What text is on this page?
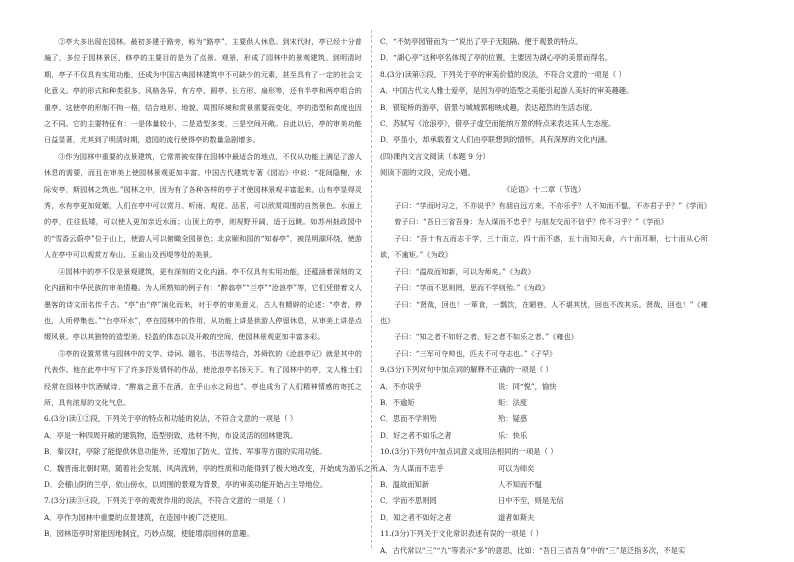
②亭大多出现在园林。最初多建于路旁，称为“路亭”，主要供人休息。到宋代时，亭已经十分普遍了，多位于园林景区，修亭的主要目的是为了点景、观景，形成了园林中的景观建筑。到明清时期，亭子不仅具有实用功能，还成为中国古典园林建筑中不可缺少的元素，甚至具有了一定的社会文化意义。亭的形式和种类很多，风格各异，有方亭、圆亭、长方形、扇形等，还有半亭和两亭组合的重亭。这使亭的形制不拘一格，结合地形、地貌、周围环境和赏景需要而变化，亭的造型和高度也因之不同。它的主要特征有：一是体量较小，二是造型多变，三是空间开敞。自此以后，亭的审美功能日益显著，尤其到了明清时期，造园的流行使得亭的数量急剧增多。

③作为园林中重要的点景建筑，它常常被安排在园林中最适合的地点，不仅从功能上满足了游人休息的需要，而且在审美上使园林景观更加丰富。中国古代建筑专著《园冶》中说：“花间隐榭，水际安亭，斯园林之筑也。”园林之中，因为有了各种各样的亭子才使园林景观丰富起来。山有亭显得灵秀，水有亭更加妩媚，人们在亭中可以赏月、听雨、观花、品茗，可以欣赏周围的自然景色。水面上的亭，往往低矮，可以使人更加亲近水面；山顶上的亭，则视野开阔，适于远眺。如苏州拙政园中的“雪香云蔚亭”位于山上，使游人可以俯瞰全园景色；北京颐和园的“知春亭”，被昆明湖环绕，使游人在亭中可以观赏万寿山、玉泉山及西堤等处的美景。

④园林中的亭不仅是景观建筑，更有深刻的文化内涵。亭不仅具有实用功能，还蕴涵着深刻的文化内涵和中华民族的审美情趣。为人所熟知的例子有：“醉翁亭”“兰亭”“沧浪亭”等，它们凭借着文人墨客的诗文而名传千古。“亭”由“停”演化而来，对于亭的审美意义，古人有精辟的论述：“亭者，停也，人所停集也。”“台亭环水”，亭在园林中的作用，从功能上讲是供游人停留休息，从审美上讲是点缀风景。亭以其独特的造型美、轻盈的体态以及开敞的空间，使园林景观更加丰富多彩。

⑤亭的设置常常与园林中的文学、诗词、题名、书法等结合，苏舜钦的《沧浪亭记》就是其中的代表作。他在此亭中写下了许多抒发情怀的作品，使沧浪亭名扬天下。有了园林中的亭，文人雅士们经常在园林中饮酒赋诗，“醉翁之意不在酒，在乎山水之间也”。亭也成为了人们精神情感的寄托之所，具有浓厚的文化气息。

6.(3分)读①②段，下列关于亭的特点和功能的说法，不符合文意的一项是（ ）

A．亭是一种四周开敞的建筑物，造型别致，选材不拘，布设灵活的园林建筑。

B．秦汉时，亭除了能提供休息功能外，还增加了防火、宣传、军事等方面的实用功能。

C．魏晋南北朝时期，随着社会发展，风尚流转，亭的性质和功能得到了极大地改变，开始成为游乐之所。

D．会稽山阴的兰亭，依山傍水，以周围的景观为背景，亭的审美功能开始占主导地位。

7.(3分)读③④段，下列关于亭的观赏作用的说法，不符合文意的一项是（ ）

A．亭作为园林中重要的点景建筑，在造园中被广泛使用。

B．园林造亭时常能因地制宜，巧妙点缀，使能增添园林的意趣。

C．“不妨亭园错而为一”说出了亭子无阻隔、便于观景的特点。

D．“湖心亭”这种亭名体现了亭的位置，主要因为湖心亭的美景而得名。

8.(3分)读第⑤段，下列关于亭的审美价值的说法，不符合文意的一项是（ ）

A．中国古代文人雅士爱亭，是因为亭的造型之美能引起游人美好的审美趣趣。

B．银锭桥的游亭，借景与城城郭相映成趣，表达超然的生活态度。

C．苏轼写《沧浪亭》，借亭子虚空而能纳万景的特点来表达其人生态度。

D．亭虽小，却承载着文人们由亭联想到的情怀，具有深厚的文化内涵。

(四)课内文言文阅读（本题 9 分）

阅读下面的文段，完成小题。

《论语》十二章（节选）

子曰：“学而时习之，不亦说乎？有朋自远方来，不亦乐乎？人不知而不愠，不亦君子乎？”《学而》

曾子曰：“吾日三省吾身：为人谋而不忠乎？与朋友交而不信乎？传不习乎？”《学而》

子曰：“吾十有五而志于学，三十而立，四十而不惑，五十而知天命，六十而耳顺，七十而从心所欲，不逾矩。”《为政》

子曰：“温故而知新，可以为师矣。”《为政》

子曰：“学而不思则罔，思而不学则殆。”《为政》

子曰：“贤哉，回也！一箪食，一瓢饮，在陋巷，人不堪其忧，回也不改其乐。贤哉，回也！”《雍也》

子曰：“知之者不如好之者，好之者不如乐之者。”《雍也》

子曰：“三军可夺帅也，匹夫不可夺志也。”《子罕》

9.(3分)下列对句中加点词的解释不正确的一项是（ ）

A．不亦说乎	说：同“悦”，愉快
B．不逾矩	矩：法度
C．思而不学则殆	殆：疑惑
D．好之者不如乐之者	乐：快乐

10.(3分)下列句中加点词意义或用法相同的一项是（ ）

A．为人谋而不忠乎	可以为师矣
B．温故而知新	人不知而不愠
C．学而不思则罔	日中不至，则是无信
D．知之者不如好之者	道者如斯夫

11.(3分)下列关于文化常识表述有误的一项是（ ）

A．古代常以“三”“九”等表示“多”的意思，比如：“吾日三省吾身”中的“三”是泛指多次，不是实
